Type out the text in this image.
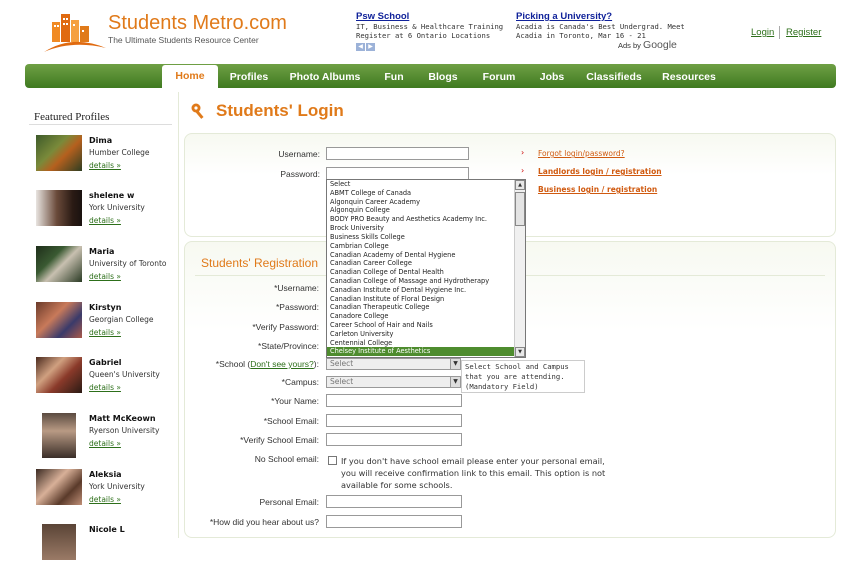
Students Metro.com
The Ultimate Students Resource Center
Psw School
IT, Business & Healthcare Training
Register at 6 Ontario Locations
◀ ▶
Picking a University?
Acadia is Canada's Best Undergrad. Meet
Acadia in Toronto, Mar 16 - 21
Ads by Google
Login Register
Home	Profiles	Photo Albums	Fun	Blogs	Forum	Jobs	Classifieds	Resources
Featured Profiles
Dima
Humber College
details »
shelene w
York University
details »
Maria
University of Toronto
details »
Kirstyn
Georgian College
details »
Gabriel
Queen's University
details »
Matt McKeown
Ryerson University
details »
Aleksia
York University
details »
Nicole L
Students' Login
Username:
Password:
› Forgot login/password?
› Landlords login / registration
Business login / registration
Students' Registration
*Username:
*Password:
*Verify Password:
*State/Province:
*School (Don't see yours?):	Select	▼ Select School and Campus that you are attending. (Mandatory Field)
*Campus:	Select	▼
*Your Name:
*School Email:
*Verify School Email:
No School email:	If you don't have school email please enter your personal email, you will receive confirmation link to this email. This option is not available for some schools.
Personal Email:
*How did you hear about us?
Select
ABMT College of Canada
Algonquin Career Academy
Algonquin College
BODY PRO Beauty and Aesthetics Academy Inc.
Brock University
Business Skills College
Cambrian College
Canadian Academy of Dental Hygiene
Canadian Career College
Canadian College of Dental Health
Canadian College of Massage and Hydrotherapy
Canadian Institute of Dental Hygiene Inc.
Canadian Institute of Floral Design
Canadian Therapeutic College
Canadore College
Career School of Hair and Nails
Carleton University
Centennial College
Chelsey Institute of Aesthetics
▲
▼
